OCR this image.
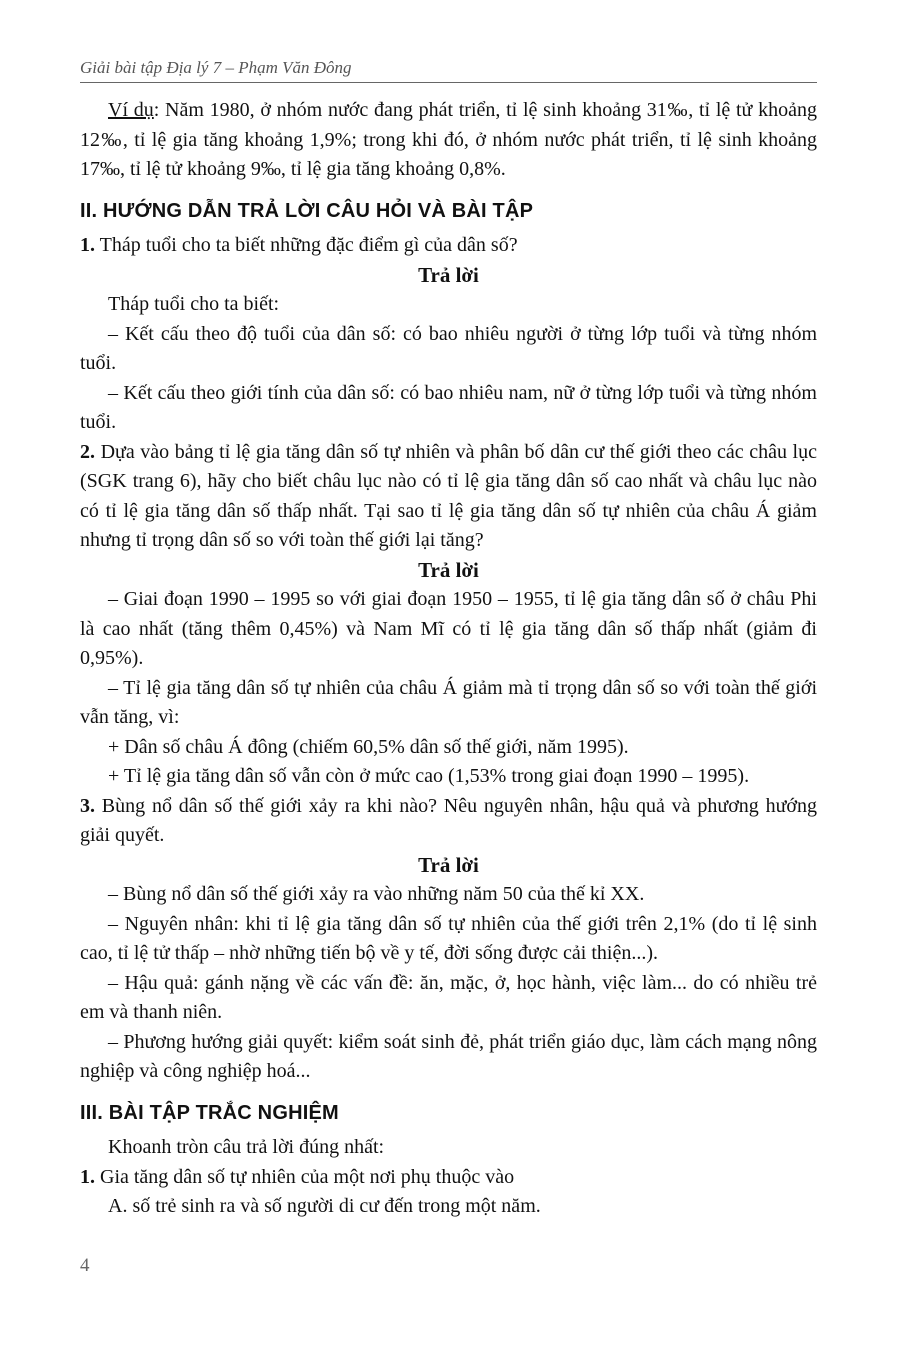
Giải bài tập Địa lý 7 – Phạm Văn Đông

Ví dụ: Năm 1980, ở nhóm nước đang phát triển, tỉ lệ sinh khoảng 31‰, tỉ lệ tử khoảng 12‰, tỉ lệ gia tăng khoảng 1,9%; trong khi đó, ở nhóm nước phát triển, tỉ lệ sinh khoảng 17‰, tỉ lệ tử khoảng 9‰, tỉ lệ gia tăng khoảng 0,8%.

II. HƯỚNG DẪN TRẢ LỜI CÂU HỎI VÀ BÀI TẬP

1. Tháp tuổi cho ta biết những đặc điểm gì của dân số?

Trả lời

Tháp tuổi cho ta biết:

– Kết cấu theo độ tuổi của dân số: có bao nhiêu người ở từng lớp tuổi và từng nhóm tuổi.

– Kết cấu theo giới tính của dân số: có bao nhiêu nam, nữ ở từng lớp tuổi và từng nhóm tuổi.

2. Dựa vào bảng tỉ lệ gia tăng dân số tự nhiên và phân bố dân cư thế giới theo các châu lục (SGK trang 6), hãy cho biết châu lục nào có tỉ lệ gia tăng dân số cao nhất và châu lục nào có tỉ lệ gia tăng dân số thấp nhất. Tại sao tỉ lệ gia tăng dân số tự nhiên của châu Á giảm nhưng tỉ trọng dân số so với toàn thế giới lại tăng?

Trả lời

– Giai đoạn 1990 – 1995 so với giai đoạn 1950 – 1955, tỉ lệ gia tăng dân số ở châu Phi là cao nhất (tăng thêm 0,45%) và Nam Mĩ có tỉ lệ gia tăng dân số thấp nhất (giảm đi 0,95%).

– Tỉ lệ gia tăng dân số tự nhiên của châu Á giảm mà tỉ trọng dân số so với toàn thế giới vẫn tăng, vì:

+ Dân số châu Á đông (chiếm 60,5% dân số thế giới, năm 1995).

+ Tỉ lệ gia tăng dân số vẫn còn ở mức cao (1,53% trong giai đoạn 1990 – 1995).

3. Bùng nổ dân số thế giới xảy ra khi nào? Nêu nguyên nhân, hậu quả và phương hướng giải quyết.

Trả lời

– Bùng nổ dân số thế giới xảy ra vào những năm 50 của thế kỉ XX.

– Nguyên nhân: khi tỉ lệ gia tăng dân số tự nhiên của thế giới trên 2,1% (do tỉ lệ sinh cao, tỉ lệ tử thấp – nhờ những tiến bộ về y tế, đời sống được cải thiện...).

– Hậu quả: gánh nặng về các vấn đề: ăn, mặc, ở, học hành, việc làm... do có nhiều trẻ em và thanh niên.

– Phương hướng giải quyết: kiểm soát sinh đẻ, phát triển giáo dục, làm cách mạng nông nghiệp và công nghiệp hoá...

III. BÀI TẬP TRẮC NGHIỆM

Khoanh tròn câu trả lời đúng nhất:

1. Gia tăng dân số tự nhiên của một nơi phụ thuộc vào

A. số trẻ sinh ra và số người di cư đến trong một năm.

4
